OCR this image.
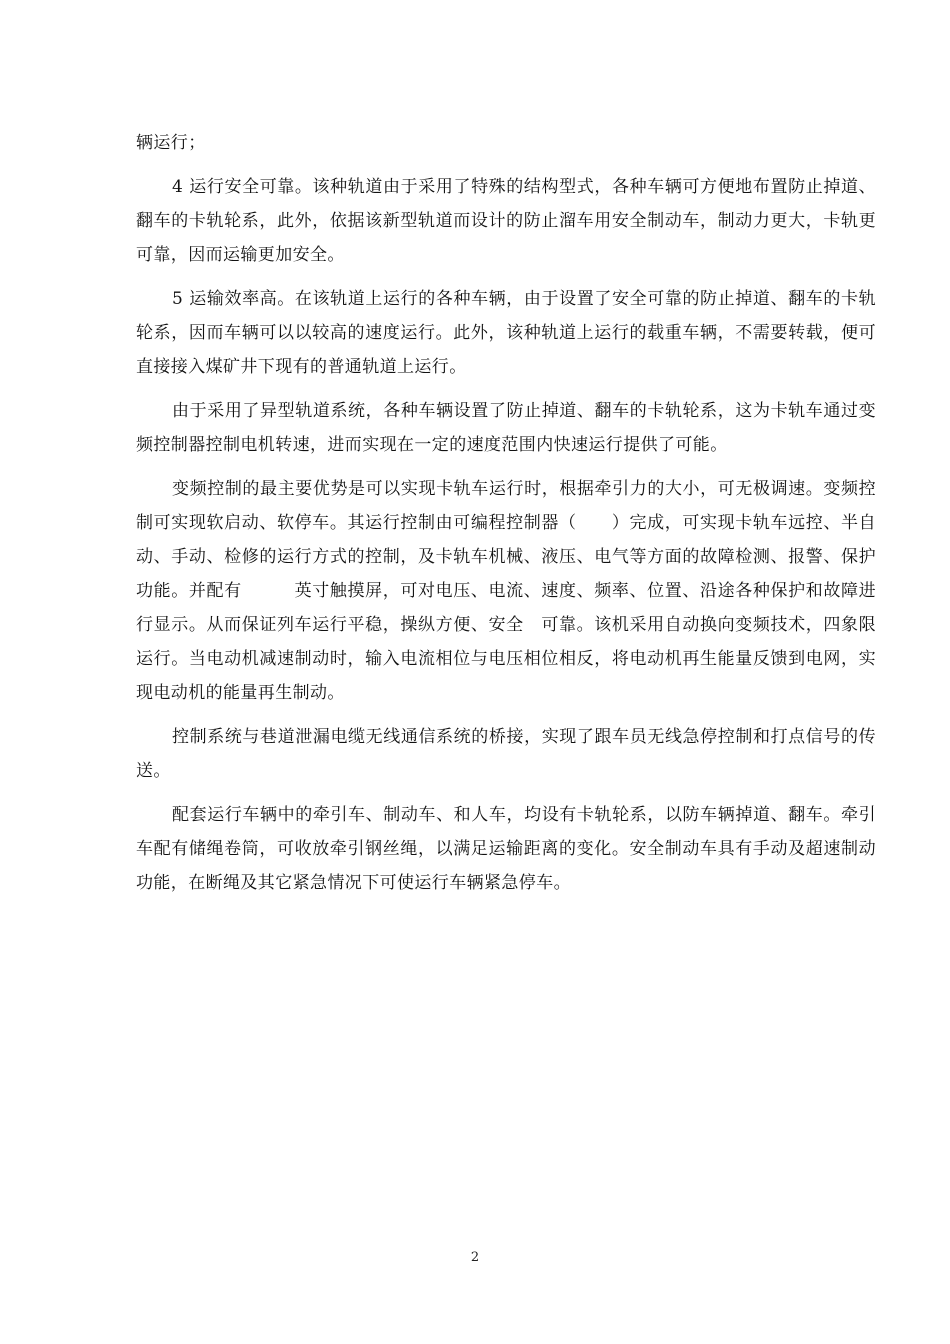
辆运行；

4 运行安全可靠。该种轨道由于采用了特殊的结构型式，各种车辆可方便地布置防止掉道、翻车的卡轨轮系，此外，依据该新型轨道而设计的防止溜车用安全制动车，制动力更大，卡轨更可靠，因而运输更加安全。

5 运输效率高。在该轨道上运行的各种车辆，由于设置了安全可靠的防止掉道、翻车的卡轨轮系，因而车辆可以以较高的速度运行。此外，该种轨道上运行的载重车辆，不需要转载，便可直接接入煤矿井下现有的普通轨道上运行。

由于采用了异型轨道系统，各种车辆设置了防止掉道、翻车的卡轨轮系，这为卡轨车通过变频控制器控制电机转速，进而实现在一定的速度范围内快速运行提供了可能。

变频控制的最主要优势是可以实现卡轨车运行时，根据牵引力的大小，可无极调速。变频控制可实现软启动、软停车。其运行控制由可编程控制器（　　）完成，可实现卡轨车远控、半自动、手动、检修的运行方式的控制，及卡轨车机械、液压、电气等方面的故障检测、报警、保护功能。并配有　　　英寸触摸屏，可对电压、电流、速度、频率、位置、沿途各种保护和故障进行显示。从而保证列车运行平稳，操纵方便、安全　可靠。该机采用自动换向变频技术，四象限运行。当电动机减速制动时，输入电流相位与电压相位相反，将电动机再生能量反馈到电网，实现电动机的能量再生制动。

控制系统与巷道泄漏电缆无线通信系统的桥接，实现了跟车员无线急停控制和打点信号的传送。

配套运行车辆中的牵引车、制动车、和人车，均设有卡轨轮系，以防车辆掉道、翻车。牵引车配有储绳卷筒，可收放牵引钢丝绳，以满足运输距离的变化。安全制动车具有手动及超速制动功能，在断绳及其它紧急情况下可使运行车辆紧急停车。

2
